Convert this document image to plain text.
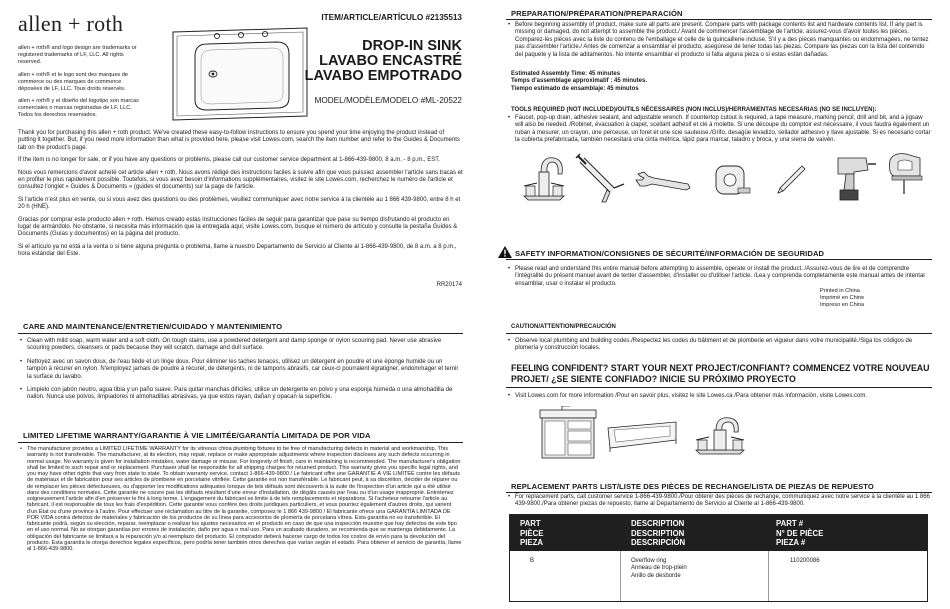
allen + roth

allen + roth® and logo design are trademarks or registered trademarks of LF, LLC. All rights reserved.

allen + roth® et le logo sont des marques de commerce ou des marques de commerce déposées de LF, LLC. Tous droits réservés.

allen + roth® y el diseño del logotipo son marcas comerciales o marcas registradas de LF, LLC. Todos los derechos reservados.

ITEM/ARTICLE/ARTÍCULO #2135513
DROP-IN SINK
LAVABO ENCASTRÉ
LAVABO EMPOTRADO
MODEL/MODÈLE/MODELO #ML-20522

Thank you for purchasing this allen + roth product. We've created these easy-to-follow instructions to ensure you spend your time enjoying the product instead of putting it together. But, if you need more information than what is provided here, please visit Lowes.com, search the item number and refer to the Guides & Documents tab on the product's page.

If the item is no longer for sale, or if you have any questions or problems, please call our customer service department at 1-866-439-9800, 8 a.m. - 8 p.m., EST.

Nous vous remercions d'avoir acheté cet article allen + roth. Nous avons rédigé des instructions faciles à suivre afin que vous puissiez assembler l'article sans tracas et en profiter le plus rapidement possible. Toutefois, si vous avez besoin d'informations supplémentaires, visitez le site Lowes.com, recherchez le numéro de l'article et consultez l'onglet « Guides & Documents » (guides et documents) sur la page de l'article.

Si l'article n'est plus en vente, ou si vous avez des questions ou des problèmes, veuillez communiquer avec notre service à la clientèle au 1 866 439-9800, entre 8 h et 20 h (HNE).

Gracias por comprar este producto allen + roth. Hemos creado estas instrucciones fáciles de seguir para garantizar que pase su tiempo disfrutando el producto en lugar de armándolo. No obstante, si necesita más información que la entregada aquí, visite Lowes.com, busque el número de artículo y consulte la pestaña Guides & Documents (Guías y documentos) en la página del producto.

Si el artículo ya no está a la venta o si tiene alguna pregunta o problema, llame a nuestro Departamento de Servicio al Cliente al 1-866-439-9800, de 8 a.m. a 8 p.m., hora estándar del Este.

RR20174
CARE AND MAINTENANCE/ENTRETIEN/CUIDADO Y MANTENIMIENTO
• Clean with mild soap, warm water and a soft cloth. On tough stains, use a powdered detergent and damp sponge or nylon scouring pad. Never use abrasive scouring powders, cleansers or pads because they will scratch, damage and dull surface.
• Nettoyez avec un savon doux, de l'eau tiède et un linge doux. Pour éliminer les taches tenaces, utilisez un détergent en poudre et une éponge humide ou un tampon à récurer en nylon. N'employez jamais de poudre à récurer, de détergents, ni de tampons abrasifs, car ceux-ci pourraient égratigner, endommager et ternir la surface du lavabo.
• Limpielo con jabón neutro, agua tibia y un paño suave. Para quitar manchas difíciles, utilice un detergente en polvo y una esponja húmeda o una almohadilla de nailon. Nunca use polvos, limpiadores ni almohadillas abrasivas, ya que estos rayan, dañan y opacan la superficie.
LIMITED LIFETIME WARRANTY/GARANTIE À VIE LIMITÉE/GARANTÍA LIMITADA DE POR VIDA
• The manufacturer provides a LIMITED LIFETIME WARRANTY for its vitreous china plumbing fixtures to be free of manufacturing defects in material and workmanship. This warranty is not transferable. The manufacturer, at its election, may repair, replace or make appropriate adjustments where inspection discloses any such defects occurring in normal usage. No warranty is given for installation mistakes, water damage or misuse. For longevity of finish, care in maintaining is recommended. The manufacturer's obligation shall be limited to such repair and or replacement. Purchaser shall be responsible for all shipping charges for returned product. This warranty gives you specific legal rights, and you may have other rights that vary from state to state. To obtain warranty service, contact 1-866-439-9800 / Le fabricant offre une GARANTIE À VIE LIMITÉE contre les défauts de matériaux et de fabrication pour ses articles de plomberie en porcelaine vitrifiée. Cette garantie est non transférable. Le fabricant peut, à sa discrétion, décider de réparer ou de remplacer les pièces défectueuses, ou d'apporter les modifications adéquates lorsque de tels défauts sont découverts à la suite de l'inspection d'un article qui a été utilisé dans des conditions normales. Cette garantie ne couvre pas les défauts résultant d'une erreur d'installation, de dégâts causés par l'eau ou d'un usage inapproprié. Entretenez soigneusement l'article afin d'en préserver le fini à long terme. L'engagement du fabricant se limite à de tels remplacements et réparations. Si l'acheteur retourne l'article au fabricant, il est responsable de tous les frais d'expédition. Cette garantie vous confère des droits juridiques particuliers, et vous pourriez également d'autres droits, qui varient d'un État ou d'une province à l'autre. Pour effectuer une réclamation au titre de la garantie, composez le 1 866 439-9800 / El fabricante ofrece una GARANTÍA LIMITADA DE POR VIDA contra defectos de materiales y fabricación de los productos de su línea para accesorios de plomería de porcelana vítrea. Esta garantía no es transferible. El fabricante podrá, según su elección, reparar, reemplazar o realizar los ajustes necesarios en el producto en caso de que una inspección muestre que hay defectos de este tipo en el uso normal. No se otorgan garantías por errores de instalación, daño por agua o mal uso. Para un acabado duradero, se recomienda que se mantenga debidamente. La obligación del fabricante se limitará a la reparación y/o al reemplazo del producto. El comprador deberá hacerse cargo de todos los costos de envío para la devolución del producto. Esta garantía le otorga derechos legales específicos, pero podría tener también otros derechos que varían según el estado. Para obtener el servicio de garantía, llame al 1-866-439-9800.
PREPARATION/PRÉPARATION/PREPARACIÓN
• Before beginning assembly of product, make sure all parts are present. Compare parts with package contents list and hardware contents list. If any part is missing or damaged, do not attempt to assemble the product./ Avant de commencer l'assemblage de l'article, assurez-vous d'avoir toutes les pièces. Comparez-les pièces avec la liste du contenu de l'emballage et celle de la quincaillerie incluse. S'il y a des pièces manquantes ou endommagées, ne tentez pas d'assembler l'article./ Antes de comenzar a ensamblar el producto, asegúrese de tener todas las piezas. Compare las piezas con la lista del contenido del paquete y la lista de aditamentos. No intente ensamblar el producto si falta alguna pieza o si estas están dañadas.
Estimated Assembly Time: 45 minutes
Temps d'assemblage approximatif : 45 minutes.
Tiempo estimado de ensamblaje: 45 minutos
TOOLS REQUIRED (NOT INCLUDED)/OUTILS NÉCESSAIRES (NON INCLUS)/HERRAMIENTAS NECESARIAS (NO SE INCLUYEN):
• Faucet, pop-up drain, adhesive sealant, and adjustable wrench. If countertop cutout is required, a tape measure, marking pencil, drill and bit, and a jigsaw will also be needed. /Robinet, évacuation à clapet, scellant adhésif et clé à molette. Si une découpe du comptoir est nécessaire, il vous faudra également un ruban à mesurer, un crayon, une perceuse, un foret et une scie sauteuse./Grifo, desagüe levadizo, sellador adhesivo y llave ajustable. Si es necesario cortar la cubierta prefabricada, también necesitará una cinta métrica, lápiz para marcar, taladro y broca, y una sierra de vaivén.
Printed in China
Imprimé en Chine
Impreso en China
SAFETY INFORMATION/CONSIGNES DE SÉCURITÉ/INFORMACIÓN DE SEGURIDAD
• Please read and understand this entire manual before attempting to assemble, operate or install the product. /Assurez-vous de lire et de comprendre l'intégralité du présent manuel avant de tenter d'assembler, d'installer ou d'utiliser l'article. /Lea y comprenda completamente este manual antes de intentar ensamblar, usar o instalar el producto.
CAUTION/ATTENTION/PRECAUCIÓN
• Observe local plumbing and building codes./Respectez les codes du bâtiment et de plomberie en vigueur dans votre municipalité./Siga los códigos de plomería y construcción locales.
FEELING CONFIDENT? START YOUR NEXT PROJECT/CONFIANT? COMMENCEZ VOTRE NOUVEAU PROJET/ ¿SE SIENTE CONFIADO? INICIE SU PRÓXIMO PROYECTO
• Visit Lowes.com for more information /Pour en savoir plus, visitez le site Lowes.ca /Para obtener más información, visite Lowes.com.
REPLACEMENT PARTS LIST/LISTE DES PIÈCES DE RECHANGE/LISTA DE PIEZAS DE REPUESTO
• For replacement parts, call customer service 1-866-439-9800./Pour obtenir des pièces de rechange, communiquez avec notre service à la clientèle au 1 866 439-9800./Para obtener piezas de repuesto, llame al Departamento de Servicio al Cliente al 1-866-439-9800.
PART
PIÈCE
PIEZA
DESCRIPTION
DESCRIPTION
DESCRIPCIÓN
PART #
N° DE PIÈCE
PIEZA #
B	Overflow ring
Anneau de trop-plein
Anillo de desborde
110200086
